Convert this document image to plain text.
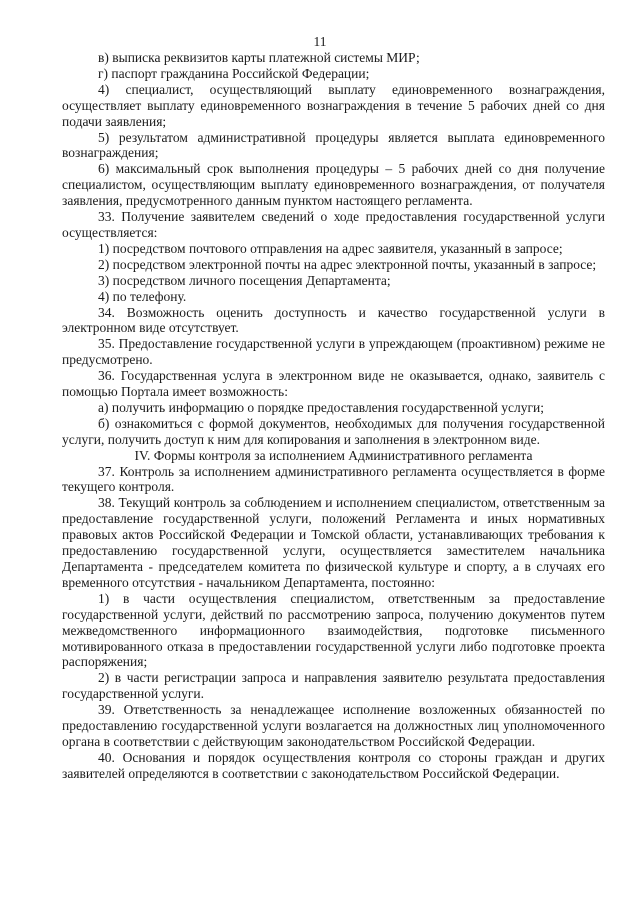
11

в) выписка реквизитов карты платежной системы МИР;

г) паспорт гражданина Российской Федерации;

4) специалист, осуществляющий выплату единовременного вознаграждения, осуществляет выплату единовременного вознаграждения в течение 5 рабочих дней со дня подачи заявления;

5) результатом административной процедуры является выплата единовременного вознаграждения;

6) максимальный срок выполнения процедуры – 5 рабочих дней со дня получение специалистом, осуществляющим выплату единовременного вознаграждения, от получателя заявления, предусмотренного данным пунктом настоящего регламента.

33. Получение заявителем сведений о ходе предоставления государственной услуги осуществляется:

1) посредством почтового отправления на адрес заявителя, указанный в запросе;

2) посредством электронной почты на адрес электронной почты, указанный в запросе;

3) посредством личного посещения Департамента;

4) по телефону.

34. Возможность оценить доступность и качество государственной услуги в электронном виде отсутствует.

35. Предоставление государственной услуги в упреждающем (проактивном) режиме не предусмотрено.

36. Государственная услуга в электронном виде не оказывается, однако, заявитель с помощью Портала имеет возможность:

а) получить информацию о порядке предоставления государственной услуги;

б) ознакомиться с формой документов, необходимых для получения государственной услуги, получить доступ к ним для копирования и заполнения в электронном виде.

IV. Формы контроля за исполнением Административного регламента

37. Контроль за исполнением административного регламента осуществляется в форме текущего контроля.

38. Текущий контроль за соблюдением и исполнением специалистом, ответственным за предоставление государственной услуги, положений Регламента и иных нормативных правовых актов Российской Федерации и Томской области, устанавливающих требования к предоставлению государственной услуги, осуществляется заместителем начальника Департамента - председателем комитета по физической культуре и спорту, а в случаях его временного отсутствия - начальником Департамента, постоянно:

1) в части осуществления специалистом, ответственным за предоставление государственной услуги, действий по рассмотрению запроса, получению документов путем межведомственного информационного взаимодействия, подготовке письменного мотивированного отказа в предоставлении государственной услуги либо подготовке проекта распоряжения;

2) в части регистрации запроса и направления заявителю результата предоставления государственной услуги.

39. Ответственность за ненадлежащее исполнение возложенных обязанностей по предоставлению государственной услуги возлагается на должностных лиц уполномоченного органа в соответствии с действующим законодательством Российской Федерации.

40. Основания и порядок осуществления контроля со стороны граждан и других заявителей определяются в соответствии с законодательством Российской Федерации.
